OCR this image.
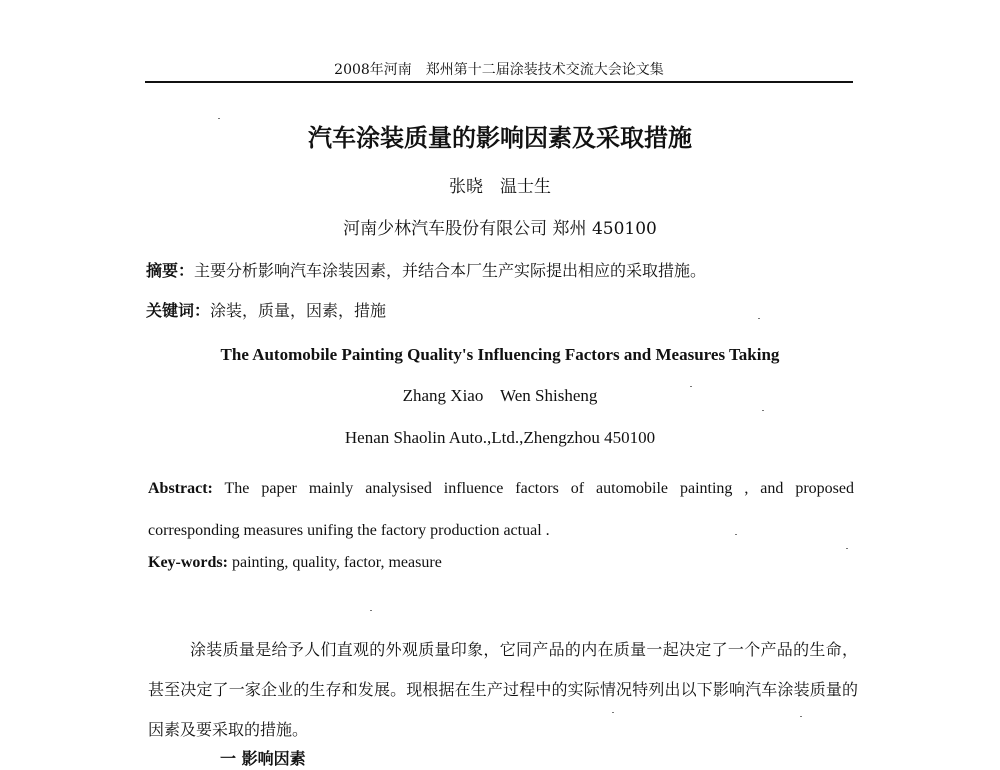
2008年河南　郑州第十二届涂装技术交流大会论文集
汽车涂装质量的影响因素及采取措施
张晓　温士生
河南少林汽车股份有限公司 郑州 450100
摘要：主要分析影响汽车涂装因素，并结合本厂生产实际提出相应的采取措施。
关键词：涂装，质量，因素，措施
The Automobile Painting Quality's Influencing Factors and Measures Taking
Zhang Xiao    Wen Shisheng
Henan Shaolin Auto.,Ltd.,Zhengzhou 450100
Abstract: The paper mainly analysised influence factors of automobile painting , and proposed corresponding measures unifing the factory production actual .
Key-words: painting, quality, factor, measure
涂装质量是给予人们直观的外观质量印象，它同产品的内在质量一起决定了一个产品的生命，甚至决定了一家企业的生存和发展。现根据在生产过程中的实际情况特列出以下影响汽车涂装质量的因素及要采取的措施。
一 影响因素
